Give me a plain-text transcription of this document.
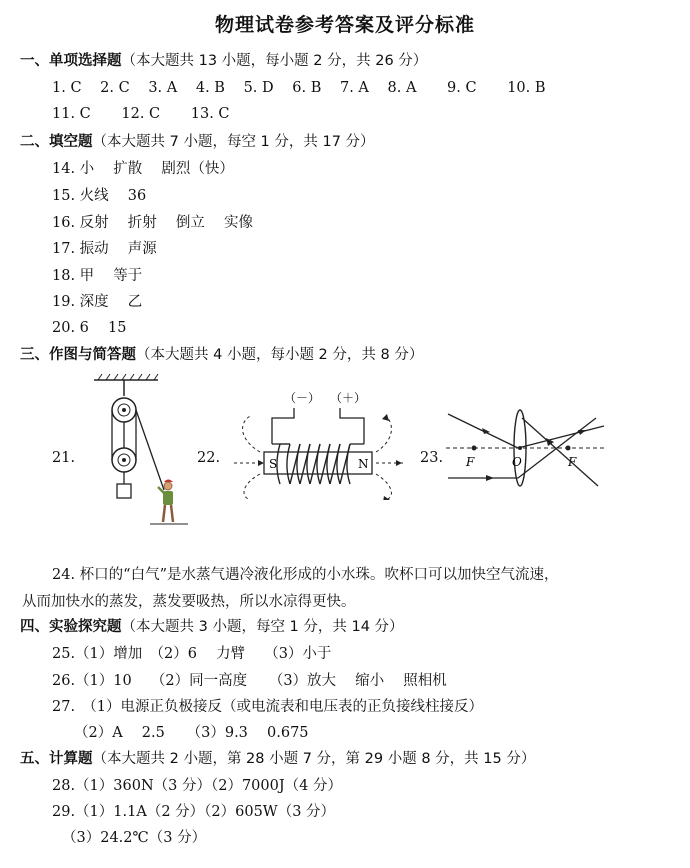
物理试卷参考答案及评分标准
一、单项选择题（本大题共 13 小题，每小题 2 分，共 26 分）
1. C 2. C 3. A 4. B 5. D 6. B 7. A 8. A 9. C 10. B
11. C 12. C 13. C
二、填空题（本大题共 7 小题，每空 1 分，共 17 分）
14. 小　 扩散　 剧烈（快）
15. 火线　 36
16. 反射　 折射　 倒立　 实像
17. 振动　 声源
18. 甲　 等于
19. 深度　 乙
20. 6　 15
三、作图与简答题（本大题共 4 小题，每小题 2 分，共 8 分）
21.	22.
（－） （＋）
S	N	23. F	O	F
24. 杯口的“白气”是水蒸气遇冷液化形成的小水珠。吹杯口可以加快空气流速，
从而加快水的蒸发，蒸发要吸热，所以水凉得更快。
四、实验探究题（本大题共 3 小题，每空 1 分，共 14 分）
25.（1）增加　（2）6　 力臂　 （3）小于
26.（1）10　 （2）同一高度　　（3）放大　 缩小　 照相机
27.　（1）电源正负极接反（或电流表和电压表的正负接线柱接反）
（2）A　 2.5　　（3）9.3　 0.675
五、计算题（本大题共 2 小题，第 28 小题 7 分，第 29 小题 8 分，共 15 分）
28.（1）360N（3 分）（2）7000J（4 分）
29.（1）1.1A（2 分）（2）605W（3 分）
（3）24.2℃（3 分）
